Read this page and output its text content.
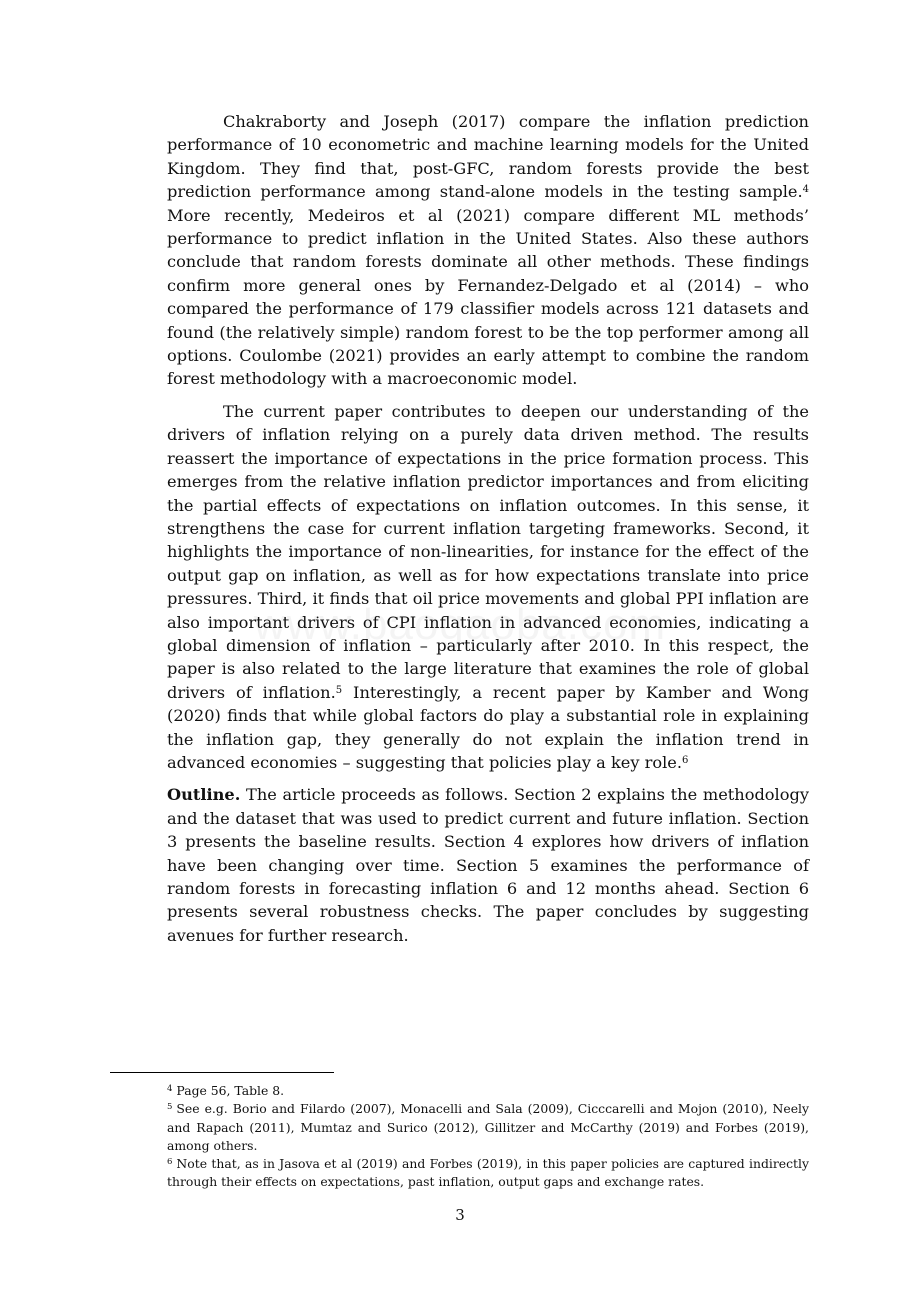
Chakraborty and Joseph (2017) compare the inflation prediction performance of 10 econometric and machine learning models for the United Kingdom. They find that, post-GFC, random forests provide the best prediction performance among stand-alone models in the testing sample.$^4$ More recently, Medeiros et al (2021) compare different ML methods’ performance to predict inflation in the United States. Also these authors conclude that random forests dominate all other methods. These findings confirm more general ones by Fernandez-Delgado et al (2014) – who compared the performance of 179 classifier models across 121 datasets and found (the relatively simple) random forest to be the top performer among all options. Coulombe (2021) provides an early attempt to combine the random forest methodology with a macroeconomic model.

The current paper contributes to deepen our understanding of the drivers of inflation relying on a purely data driven method. The results reassert the importance of expectations in the price formation process. This emerges from the relative inflation predictor importances and from eliciting the partial effects of expectations on inflation outcomes. In this sense, it strengthens the case for current inflation targeting frameworks. Second, it highlights the importance of non-linearities, for instance for the effect of the output gap on inflation, as well as for how expectations translate into price pressures. Third, it finds that oil price movements and global PPI inflation are also important drivers of CPI inflation in advanced economies, indicating a global dimension of inflation – particularly after 2010. In this respect, the paper is also related to the large literature that examines the role of global drivers of inflation.$^5$ Interestingly, a recent paper by Kamber and Wong (2020) finds that while global factors do play a substantial role in explaining the inflation gap, they generally do not explain the inflation trend in advanced economies – suggesting that policies play a key role.$^6$

Outline. The article proceeds as follows. Section 2 explains the methodology and the dataset that was used to predict current and future inflation. Section 3 presents the baseline results. Section 4 explores how drivers of inflation have been changing over time. Section 5 examines the performance of random forests in forecasting inflation 6 and 12 months ahead. Section 6 presents several robustness checks. The paper concludes by suggesting avenues for further research.

$^4$ Page 56, Table 8.

$^5$ See e.g. Borio and Filardo (2007), Monacelli and Sala (2009), Cicccarelli and Mojon (2010), Neely and Rapach (2011), Mumtaz and Surico (2012), Gillitzer and McCarthy (2019) and Forbes (2019), among others.

$^6$ Note that, as in Jasova et al (2019) and Forbes (2019), in this paper policies are captured indirectly through their effects on expectations, past inflation, output gaps and exchange rates.

3
